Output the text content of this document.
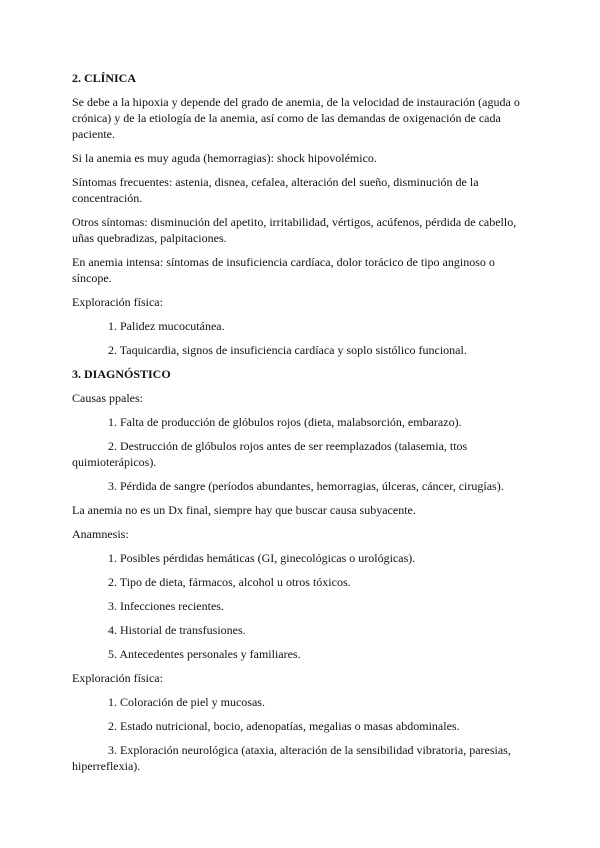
2. CLÍNICA

Se debe a la hipoxia y depende del grado de anemia, de la velocidad de instauración (aguda o crónica) y de la etiología de la anemia, así como de las demandas de oxigenación de cada paciente.

Si la anemia es muy aguda (hemorragias): shock hipovolémico.

Síntomas frecuentes: astenia, disnea, cefalea, alteración del sueño, disminución de la concentración.

Otros síntomas: disminución del apetito, irritabilidad, vértigos, acúfenos, pérdida de cabello, uñas quebradizas, palpitaciones.

En anemia intensa: síntomas de insuficiencia cardíaca, dolor torácico de tipo anginoso o síncope.

Exploración física:

1. Palidez mucocutánea.

2. Taquicardia, signos de insuficiencia cardíaca y soplo sistólico funcional.

3. DIAGNÓSTICO

Causas ppales:

1. Falta de producción de glóbulos rojos (dieta, malabsorción, embarazo).

2. Destrucción de glóbulos rojos antes de ser reemplazados (talasemia, ttos quimioterápicos).

3. Pérdida de sangre (períodos abundantes, hemorragias, úlceras, cáncer, cirugías).

La anemia no es un Dx final, siempre hay que buscar causa subyacente.

Anamnesis:

1. Posibles pérdidas hemáticas (GI, ginecológicas o urológicas).

2. Tipo de dieta, fármacos, alcohol u otros tóxicos.

3. Infecciones recientes.

4. Historial de transfusiones.

5. Antecedentes personales y familiares.

Exploración física:

1. Coloración de piel y mucosas.

2. Estado nutricional, bocio, adenopatías, megalias o masas abdominales.

3. Exploración neurológica (ataxia, alteración de la sensibilidad vibratoria, paresias, hiperreflexia).
